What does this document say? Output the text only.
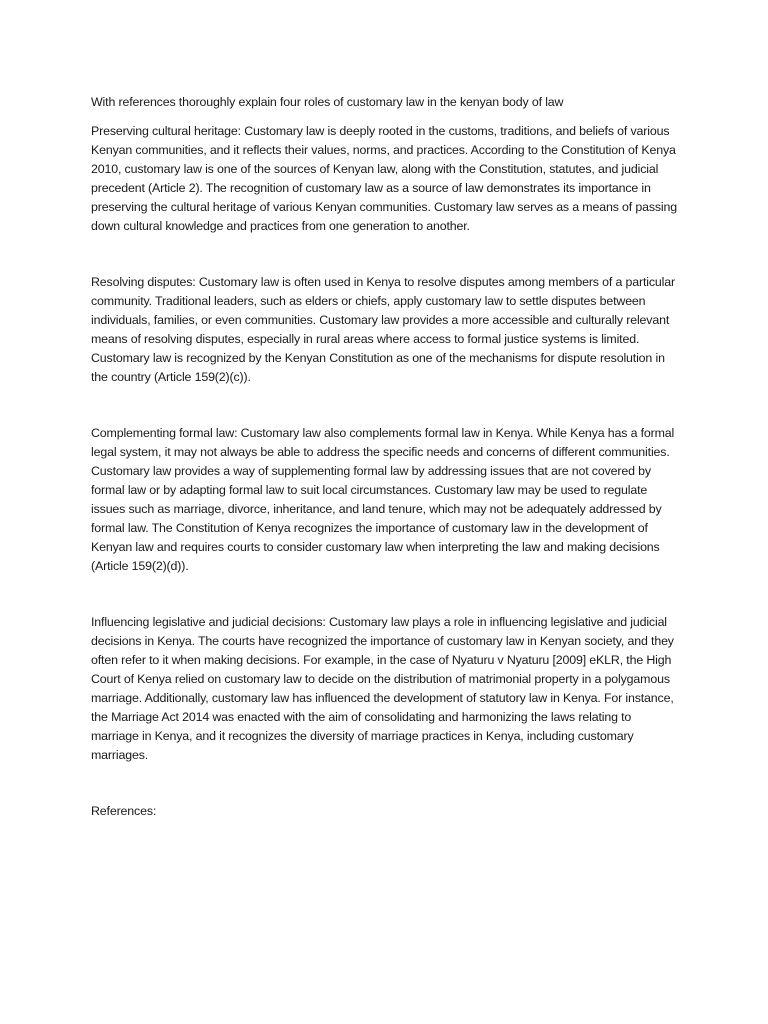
With references thoroughly explain four roles of customary law in the kenyan body of law

Preserving cultural heritage: Customary law is deeply rooted in the customs, traditions, and beliefs of various Kenyan communities, and it reflects their values, norms, and practices. According to the Constitution of Kenya 2010, customary law is one of the sources of Kenyan law, along with the Constitution, statutes, and judicial precedent (Article 2). The recognition of customary law as a source of law demonstrates its importance in preserving the cultural heritage of various Kenyan communities. Customary law serves as a means of passing down cultural knowledge and practices from one generation to another.

Resolving disputes: Customary law is often used in Kenya to resolve disputes among members of a particular community. Traditional leaders, such as elders or chiefs, apply customary law to settle disputes between individuals, families, or even communities. Customary law provides a more accessible and culturally relevant means of resolving disputes, especially in rural areas where access to formal justice systems is limited. Customary law is recognized by the Kenyan Constitution as one of the mechanisms for dispute resolution in the country (Article 159(2)(c)).

Complementing formal law: Customary law also complements formal law in Kenya. While Kenya has a formal legal system, it may not always be able to address the specific needs and concerns of different communities. Customary law provides a way of supplementing formal law by addressing issues that are not covered by formal law or by adapting formal law to suit local circumstances. Customary law may be used to regulate issues such as marriage, divorce, inheritance, and land tenure, which may not be adequately addressed by formal law. The Constitution of Kenya recognizes the importance of customary law in the development of Kenyan law and requires courts to consider customary law when interpreting the law and making decisions (Article 159(2)(d)).

Influencing legislative and judicial decisions: Customary law plays a role in influencing legislative and judicial decisions in Kenya. The courts have recognized the importance of customary law in Kenyan society, and they often refer to it when making decisions. For example, in the case of Nyaturu v Nyaturu [2009] eKLR, the High Court of Kenya relied on customary law to decide on the distribution of matrimonial property in a polygamous marriage. Additionally, customary law has influenced the development of statutory law in Kenya. For instance, the Marriage Act 2014 was enacted with the aim of consolidating and harmonizing the laws relating to marriage in Kenya, and it recognizes the diversity of marriage practices in Kenya, including customary marriages.

References:
